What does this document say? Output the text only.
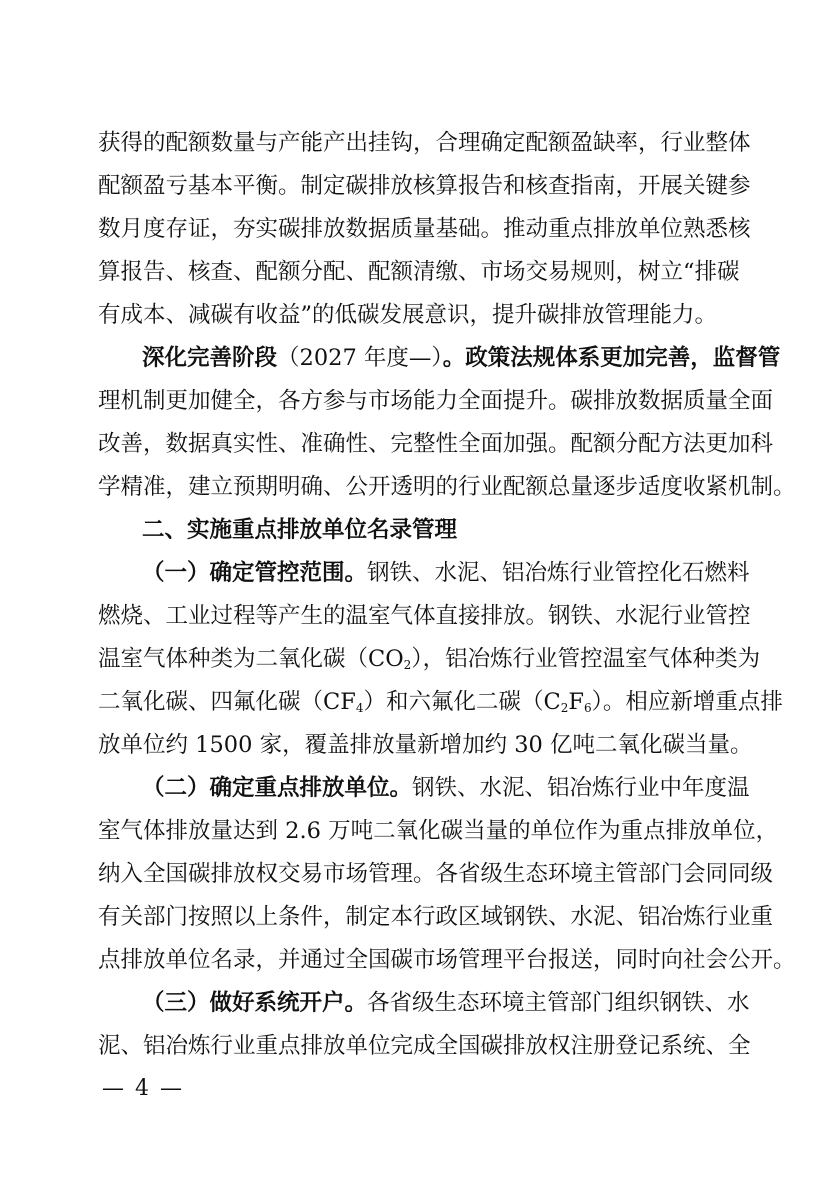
获得的配额数量与产能产出挂钩，合理确定配额盈缺率，行业整体
配额盈亏基本平衡。制定碳排放核算报告和核查指南，开展关键参
数月度存证，夯实碳排放数据质量基础。推动重点排放单位熟悉核
算报告、核查、配额分配、配额清缴、市场交易规则，树立“排碳
有成本、减碳有收益”的低碳发展意识，提升碳排放管理能力。
深化完善阶段（2027 年度—）。政策法规体系更加完善，监督管
理机制更加健全，各方参与市场能力全面提升。碳排放数据质量全面
改善，数据真实性、准确性、完整性全面加强。配额分配方法更加科
学精准，建立预期明确、公开透明的行业配额总量逐步适度收紧机制。
二、实施重点排放单位名录管理
（一）确定管控范围。钢铁、水泥、铝冶炼行业管控化石燃料
燃烧、工业过程等产生的温室气体直接排放。钢铁、水泥行业管控
温室气体种类为二氧化碳$(CO_2)$，铝冶炼行业管控温室气体种类为
二氧化碳、四氟化碳$(CF_4)$和六氟化二碳$(C_2F_6)$。相应新增重点排
放单位约 1500 家，覆盖排放量新增加约 30 亿吨二氧化碳当量。
（二）确定重点排放单位。钢铁、水泥、铝冶炼行业中年度温
室气体排放量达到 2.6 万吨二氧化碳当量的单位作为重点排放单位，
纳入全国碳排放权交易市场管理。各省级生态环境主管部门会同同级
有关部门按照以上条件，制定本行政区域钢铁、水泥、铝冶炼行业重
点排放单位名录，并通过全国碳市场管理平台报送，同时向社会公开。
（三）做好系统开户。各省级生态环境主管部门组织钢铁、水
泥、铝冶炼行业重点排放单位完成全国碳排放权注册登记系统、全
— 4 —
